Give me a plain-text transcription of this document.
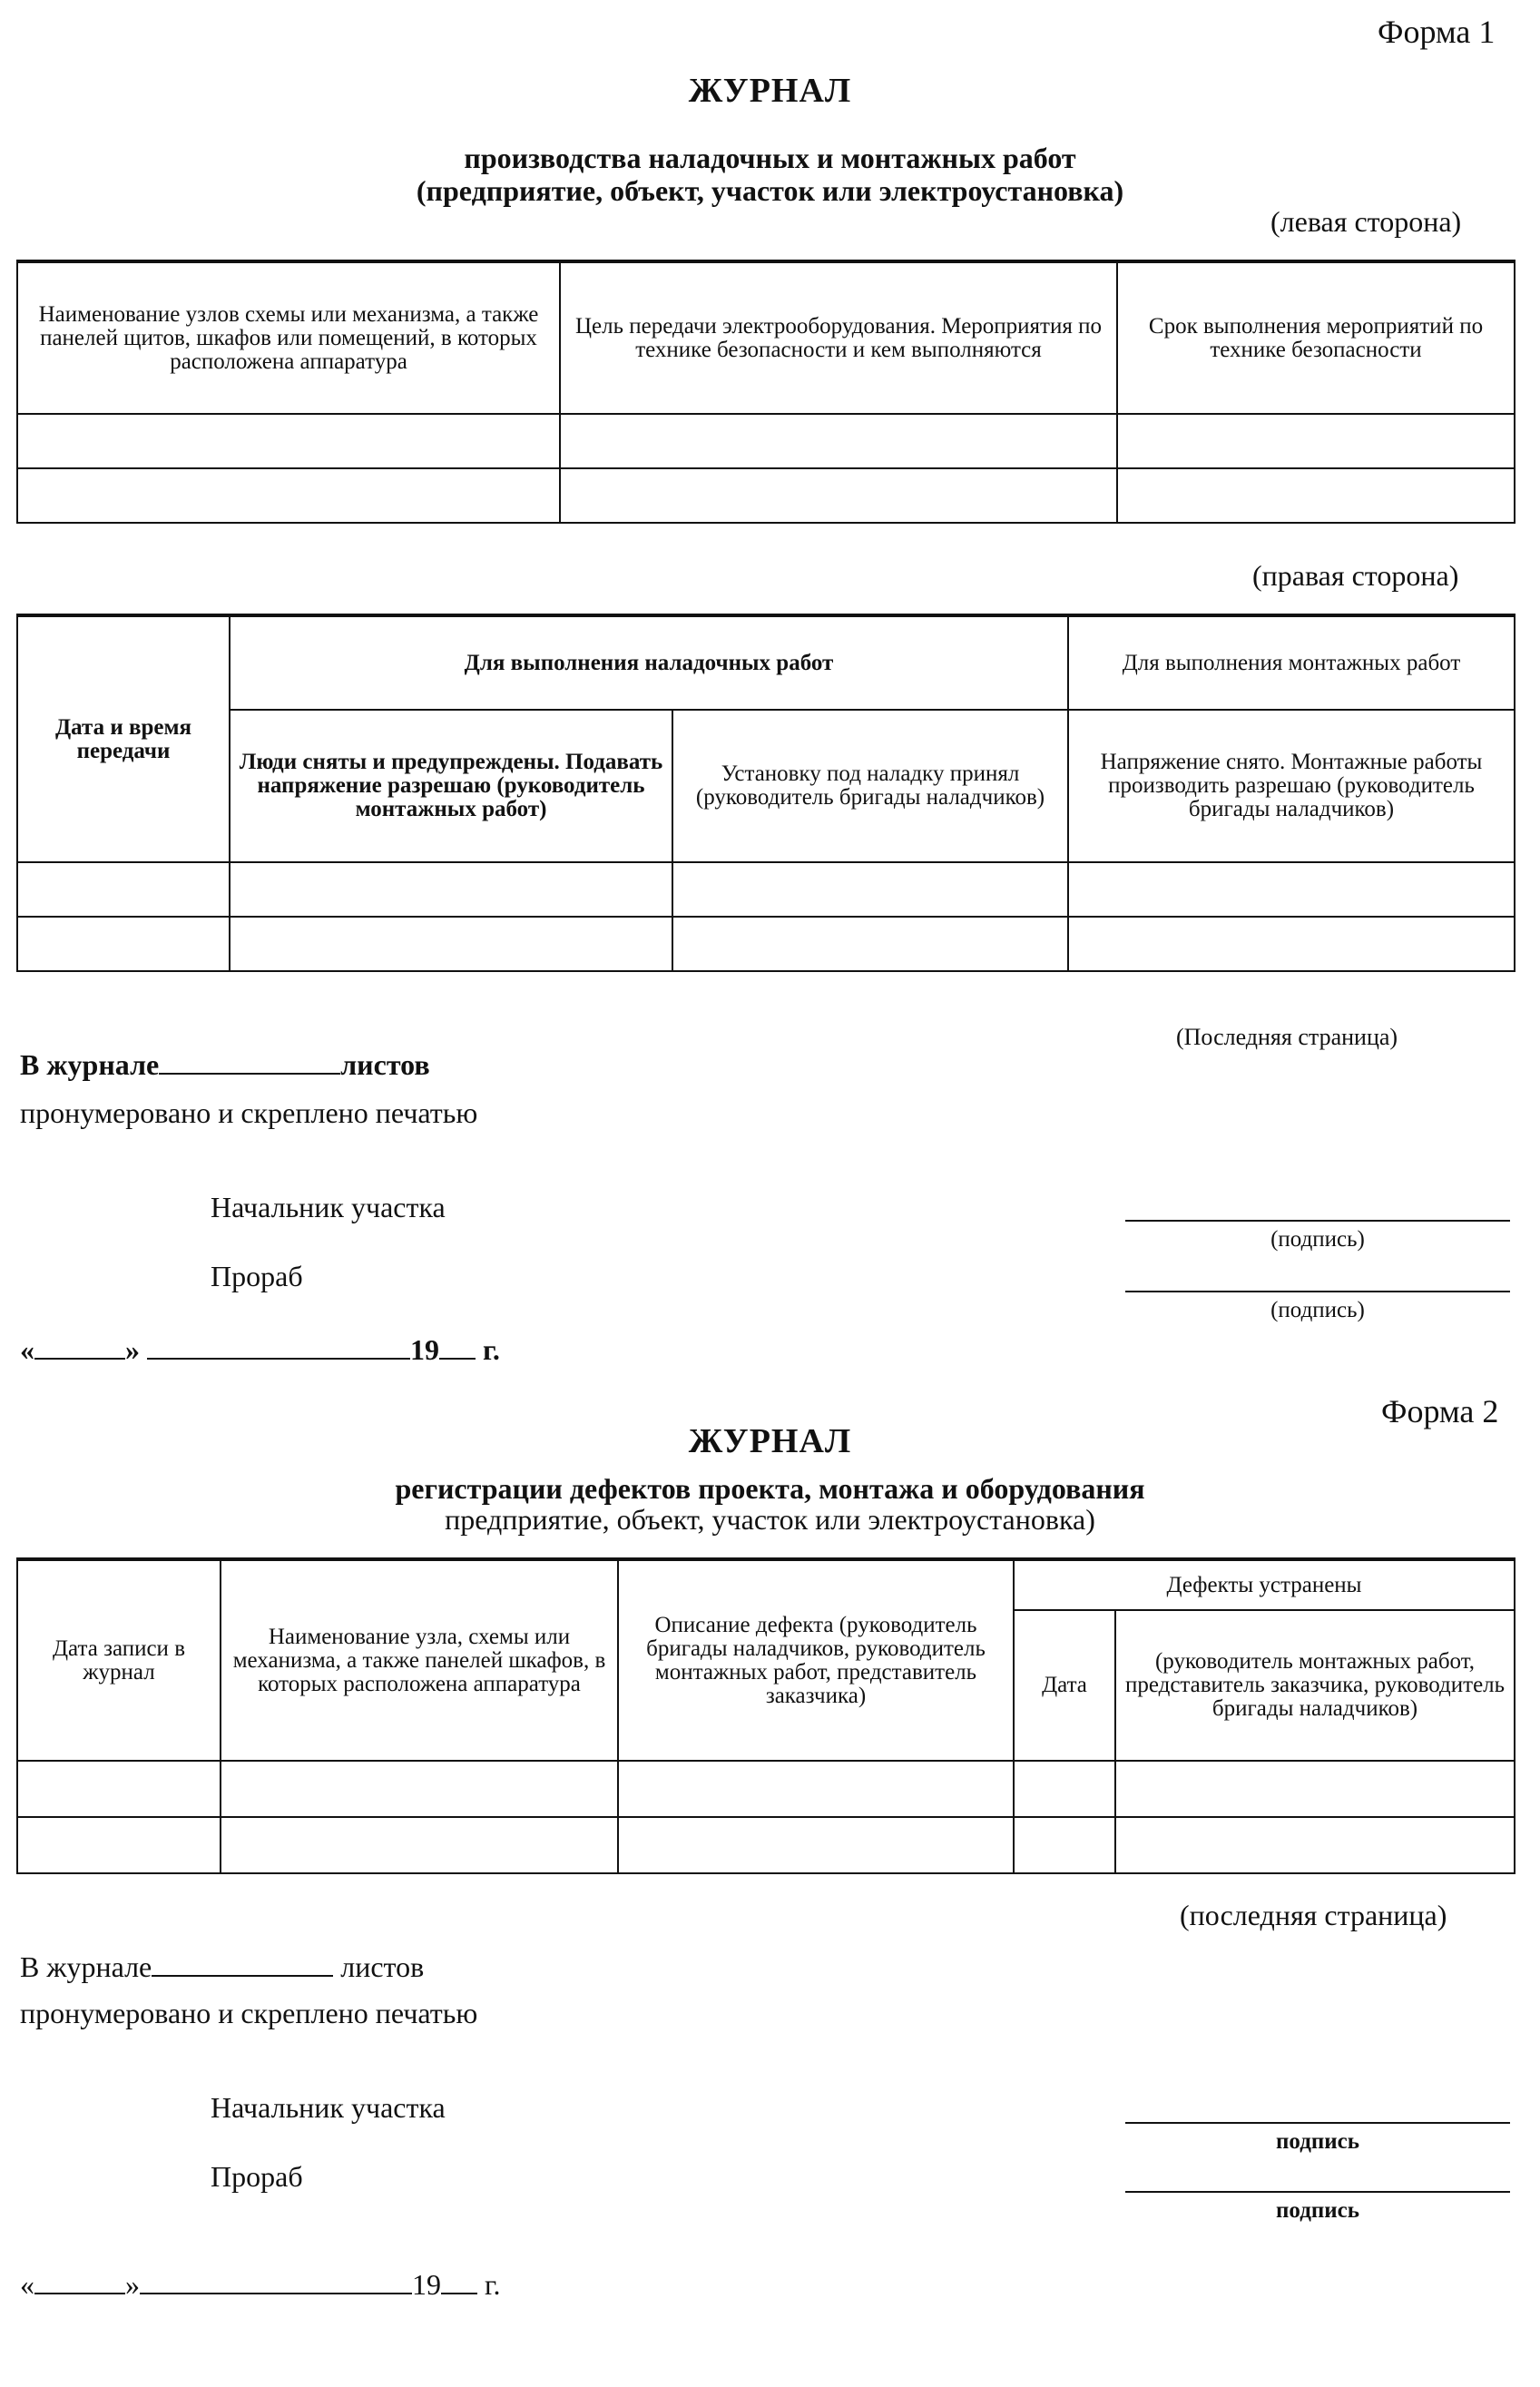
Форма 1
ЖУРНАЛ
производства наладочных и монтажных работ
(предприятие, объект, участок или электроустановка)
(левая сторона)
Наименование узлов схемы или механизма, а также панелей щитов, шкафов или помещений, в которых расположена аппаратура	Цель передачи электрооборудования. Мероприятия по технике безопасности и кем выполняются	Срок выполнения мероприятий по технике безопасности

(правая сторона)
Дата и время передачи	Для выполнения наладочных работ		Для выполнения монтажных работ
	Люди сняты и предупреждены. Подавать напряжение разрешаю (руководитель монтажных работ)	Установку под наладку принял (руководитель бригады наладчиков)	Напряжение снято. Монтажные работы производить разрешаю (руководитель бригады наладчиков)

(Последняя страница)
В журнале	листов
пронумеровано и скреплено печатью
Начальник участка
(подпись)
Прораб
(подпись)
«	»	19 г.
Форма 2
ЖУРНАЛ
регистрации дефектов проекта, монтажа и оборудования
предприятие, объект, участок или электроустановка)
Дата записи в журнал	Наименование узла, схемы или механизма, а также панелей шкафов, в которых расположена аппаратура	Описание дефекта (руководитель бригады наладчиков, руководитель монтажных работ, представитель заказчика)	Дефекты устранены	
			Дата	(руководитель монтажных работ, представитель заказчика, руководитель бригады наладчиков)

(последняя страница)
В журнале	листов
пронумеровано и скреплено печатью
Начальник участка
подпись
Прораб
подпись
«	»	19 г.
